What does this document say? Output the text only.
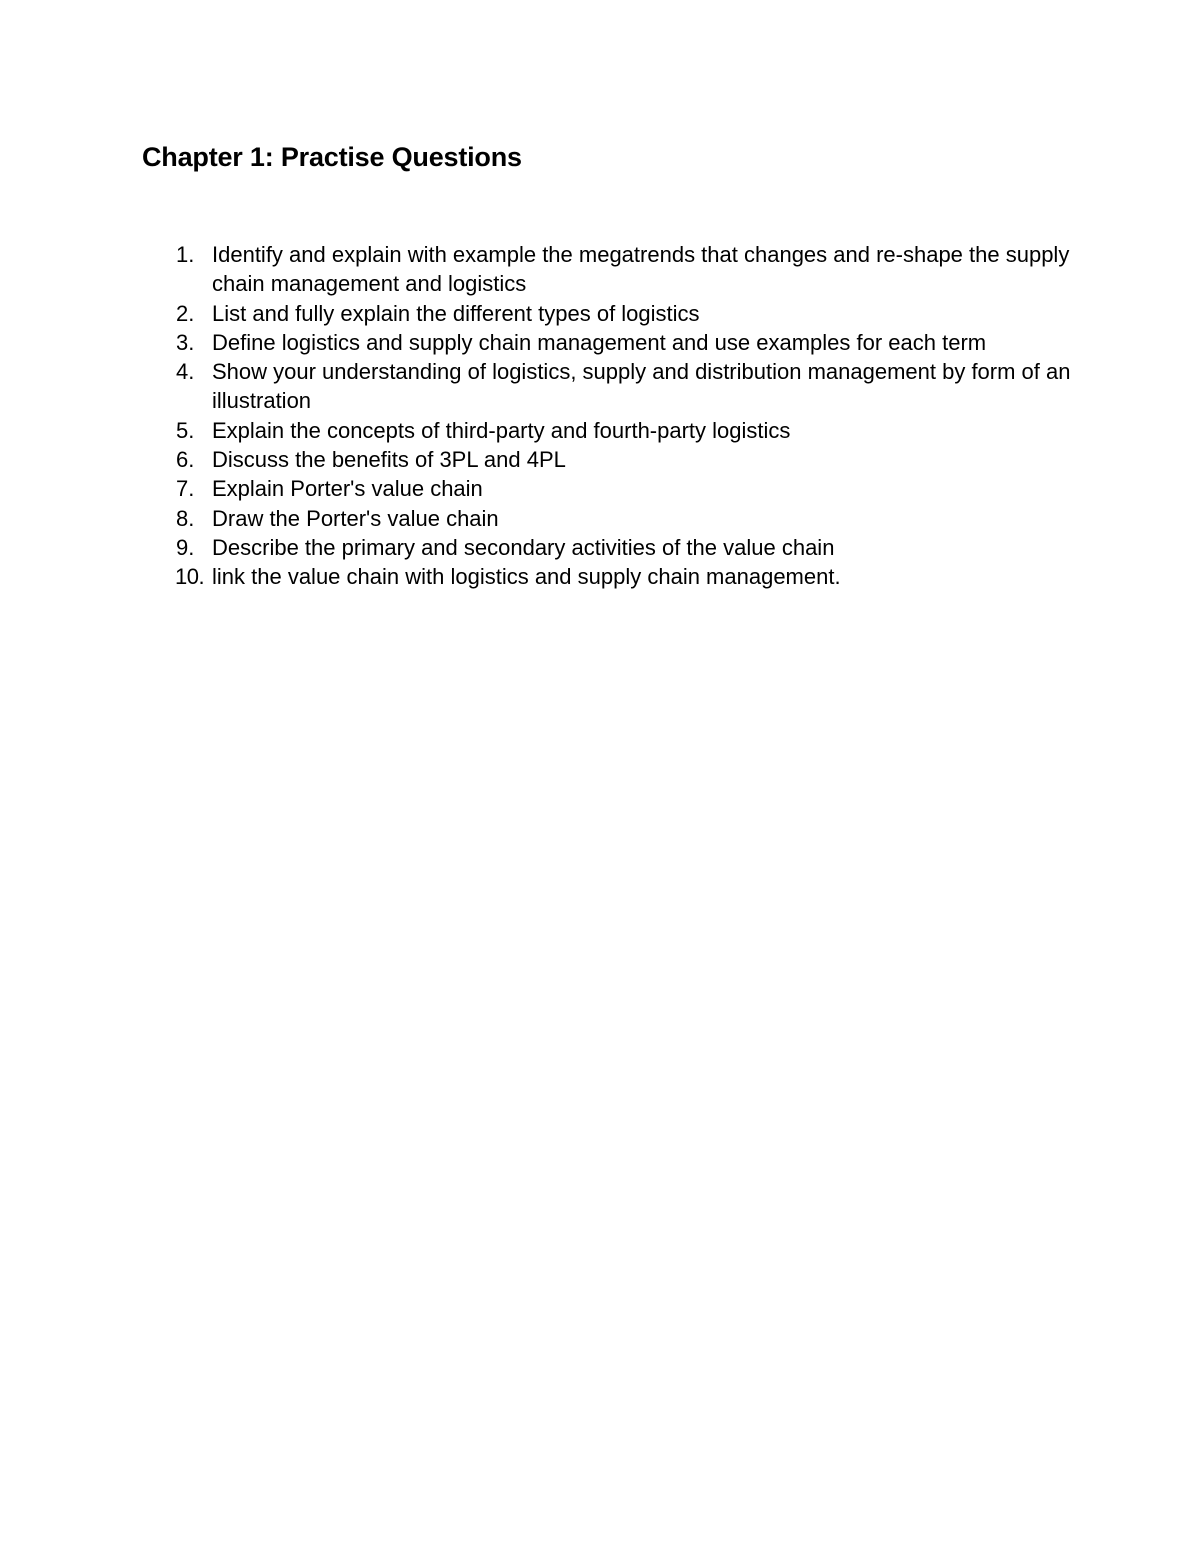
Chapter 1: Practise Questions
1. Identify and explain with example the megatrends that changes and re-shape the supply chain management and logistics
2. List and fully explain the different types of logistics
3. Define logistics and supply chain management and use examples for each term
4. Show your understanding of logistics, supply and distribution management by form of an illustration
5. Explain the concepts of third-party and fourth-party logistics
6. Discuss the benefits of 3PL and 4PL
7. Explain Porter's value chain
8. Draw the Porter's value chain
9. Describe the primary and secondary activities of the value chain
10. link the value chain with logistics and supply chain management.
